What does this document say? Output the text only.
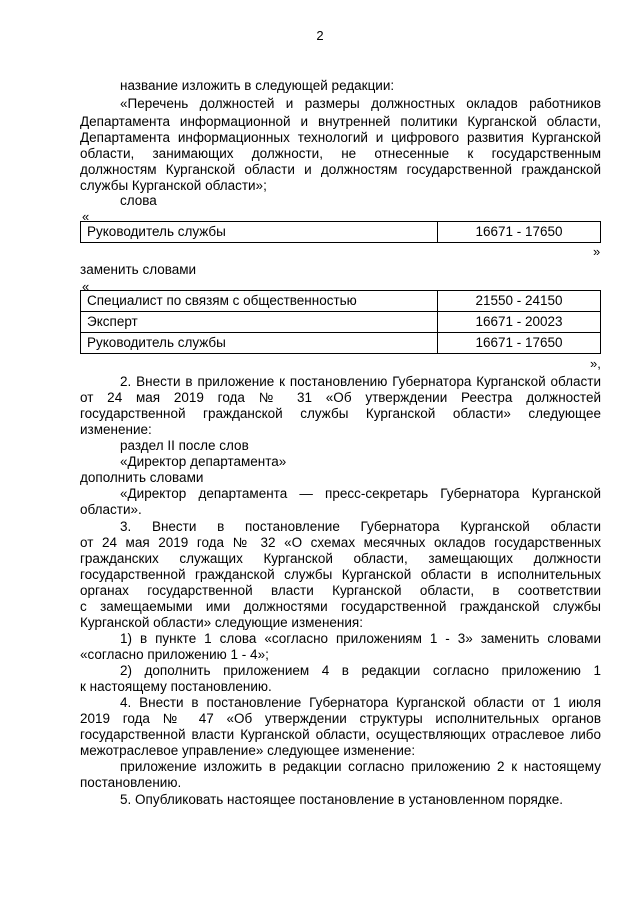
2
название изложить в следующей редакции:
«Перечень должностей и размеры должностных окладов работников
Департамента информационной и внутренней политики Курганской области,
Департамента информационных технологий и цифрового развития Курганской
области, занимающих должности, не отнесенные к государственным
должностям Курганской области и должностям государственной гражданской
службы Курганской области»;
слова
«
Руководитель службы	16671 - 17650
»
заменить словами
«
Специалист по связям с общественностью	21550 - 24150
Эксперт	16671 - 20023
Руководитель службы	16671 - 17650
»,
2. Внести в приложение к постановлению Губернатора Курганской области
от 24 мая 2019 года № 31 «Об утверждении Реестра должностей
государственной гражданской службы Курганской области» следующее
изменение:
раздел II после слов
«Директор департамента»
дополнить словами
«Директор департамента — пресс-секретарь Губернатора Курганской
области».
3. Внести в постановление Губернатора Курганской области
от 24 мая 2019 года № 32 «О схемах месячных окладов государственных
гражданских служащих Курганской области, замещающих должности
государственной гражданской службы Курганской области в исполнительных
органах государственной власти Курганской области, в соответствии
с замещаемыми ими должностями государственной гражданской службы
Курганской области» следующие изменения:
1) в пункте 1 слова «согласно приложениям 1 - 3» заменить словами
«согласно приложению 1 - 4»;
2) дополнить приложением 4 в редакции согласно приложению 1
к настоящему постановлению.
4. Внести в постановление Губернатора Курганской области от 1 июля
2019 года № 47 «Об утверждении структуры исполнительных органов
государственной власти Курганской области, осуществляющих отраслевое либо
межотраслевое управление» следующее изменение:
приложение изложить в редакции согласно приложению 2 к настоящему
постановлению.
5. Опубликовать настоящее постановление в установленном порядке.
